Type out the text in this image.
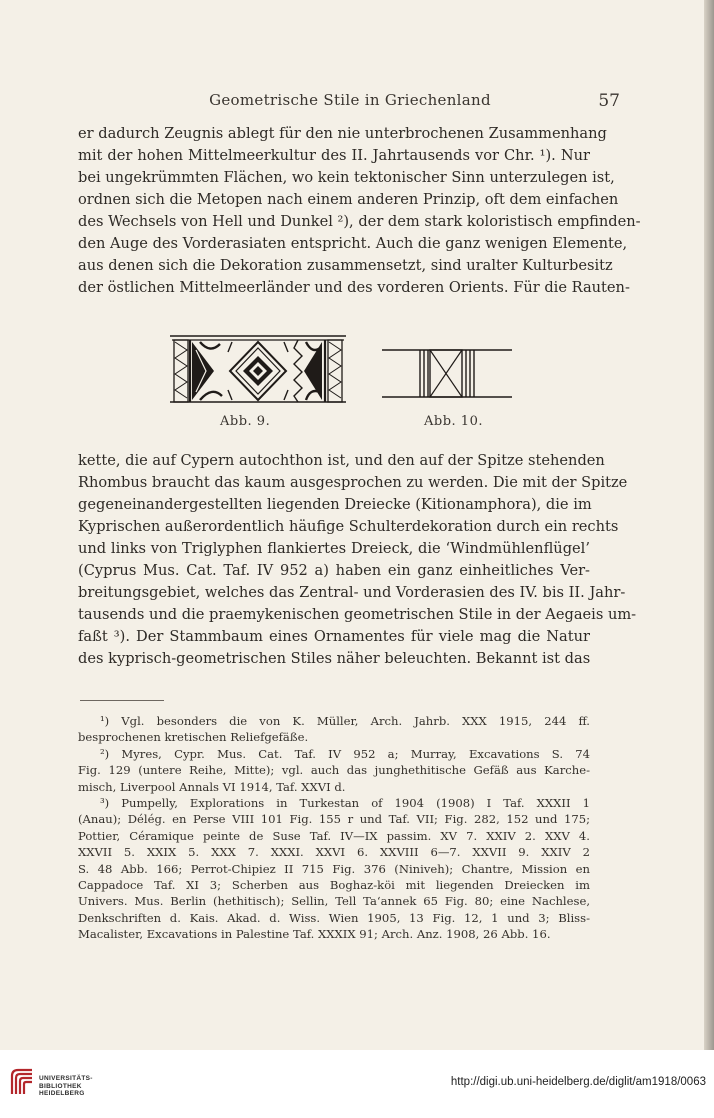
Geometrische Stile in Griechenland	57
er dadurch Zeugnis ablegt für den nie unterbrochenen Zusammenhang
mit der hohen Mittelmeerkultur des II. Jahrtausends vor Chr. ¹). Nur
bei ungekrümmten Flächen, wo kein tektonischer Sinn unterzulegen ist,
ordnen sich die Metopen nach einem anderen Prinzip, oft dem einfachen
des Wechsels von Hell und Dunkel ²), der dem stark koloristisch empfinden-
den Auge des Vorderasiaten entspricht. Auch die ganz wenigen Elemente,
aus denen sich die Dekoration zusammensetzt, sind uralter Kulturbesitz
der östlichen Mittelmeerländer und des vorderen Orients. Für die Rauten-
Abb. 9.	Abb. 10.
kette, die auf Cypern autochthon ist, und den auf der Spitze stehenden
Rhombus braucht das kaum ausgesprochen zu werden. Die mit der Spitze
gegeneinandergestellten liegenden Dreiecke (Kitionamphora), die im
Kyprischen außerordentlich häufige Schulterdekoration durch ein rechts
und links von Triglyphen flankiertes Dreieck, die ‘Windmühlenflügel’
(Cyprus Mus. Cat. Taf. IV 952 a) haben ein ganz einheitliches Ver-
breitungsgebiet, welches das Zentral- und Vorderasien des IV. bis II. Jahr-
tausends und die praemykenischen geometrischen Stile in der Aegaeis um-
faßt ³). Der Stammbaum eines Ornamentes für viele mag die Natur
des kyprisch-geometrischen Stiles näher beleuchten. Bekannt ist das
¹) Vgl. besonders die von K. Müller, Arch. Jahrb. XXX 1915, 244 ff.
besprochenen kretischen Reliefgefäße.
²) Myres, Cypr. Mus. Cat. Taf. IV 952 a; Murray, Excavations S. 74
Fig. 129 (untere Reihe, Mitte); vgl. auch das junghethitische Gefäß aus Karche-
misch, Liverpool Annals VI 1914, Taf. XXVI d.
³) Pumpelly, Explorations in Turkestan of 1904 (1908) I Taf. XXXII 1
(Anau); Délég. en Perse VIII 101 Fig. 155 r und Taf. VII; Fig. 282, 152 und 175;
Pottier, Céramique peinte de Suse Taf. IV—IX passim. XV 7. XXIV 2. XXV 4.
XXVII 5. XXIX 5. XXX 7. XXXI. XXVI 6. XXVIII 6—7. XXVII 9. XXIV 2
S. 48 Abb. 166; Perrot-Chipiez II 715 Fig. 376 (Niniveh); Chantre, Mission en
Cappadoce Taf. XI 3; Scherben aus Boghaz-köi mit liegenden Dreiecken im
Univers. Mus. Berlin (hethitisch); Sellin, Tell Ta‘annek 65 Fig. 80; eine Nachlese,
Denkschriften d. Kais. Akad. d. Wiss. Wien 1905, 13 Fig. 12, 1 und 3; Bliss-
Macalister, Excavations in Palestine Taf. XXXIX 91; Arch. Anz. 1908, 26 Abb. 16.
UNIVERSITÄTS-
BIBLIOTHEK
HEIDELBERG
http://digi.ub.uni-heidelberg.de/diglit/am1918/0063
